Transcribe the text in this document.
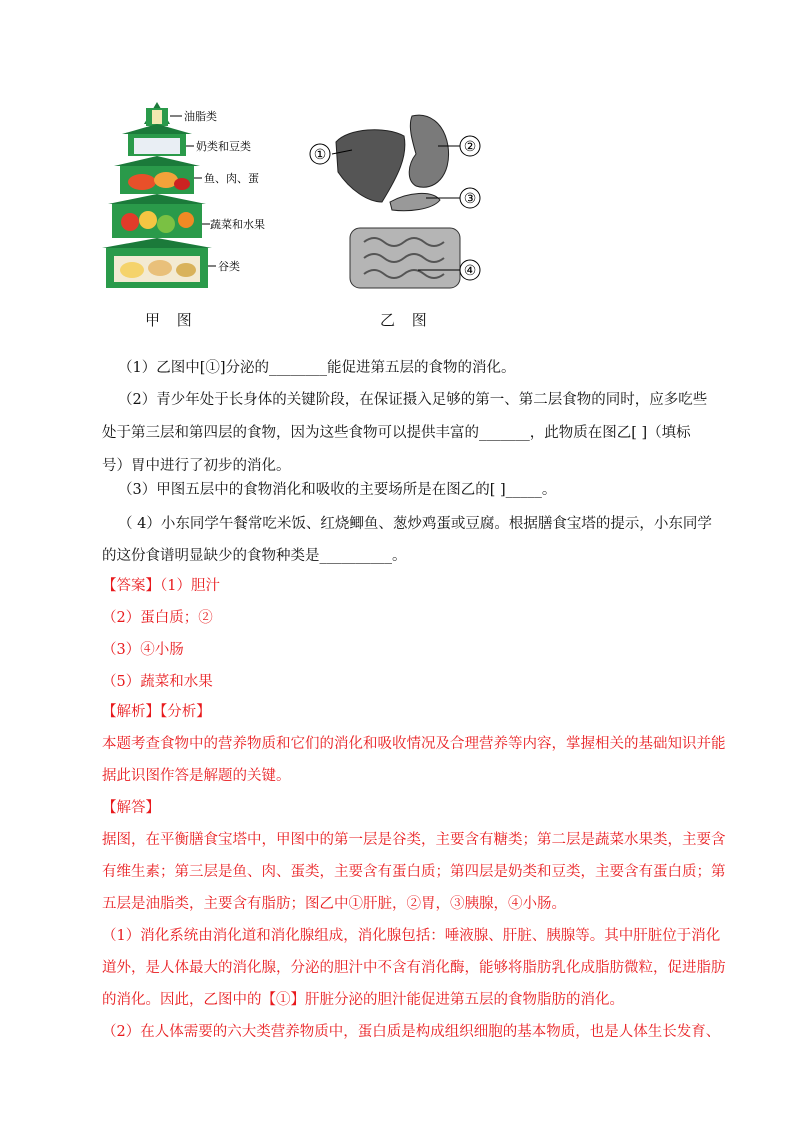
油脂类
奶类和豆类
鱼、肉、蛋
蔬菜和水果
谷类
①	②
③
④
甲 图	乙 图
（1）乙图中[①]分泌的________能促进第五层的食物的消化。
（2）青少年处于长身体的关键阶段，在保证摄入足够的第一、第二层食物的同时，应多吃些
处于第三层和第四层的食物，因为这些食物可以提供丰富的_______，此物质在图乙[ ]（填标
号）胃中进行了初步的消化。
（3）甲图五层中的食物消化和吸收的主要场所是在图乙的[ ]_____。
（ 4）小东同学午餐常吃米饭、红烧鲫鱼、葱炒鸡蛋或豆腐。根据膳食宝塔的提示，小东同学
的这份食谱明显缺少的食物种类是__________。
【答案】（1）胆汁
（2）蛋白质；②
（3）④小肠
（5）蔬菜和水果
【解析】【分析】
本题考查食物中的营养物质和它们的消化和吸收情况及合理营养等内容，掌握相关的基础知识并能
据此识图作答是解题的关键。
【解答】
据图，在平衡膳食宝塔中，甲图中的第一层是谷类，主要含有糖类；第二层是蔬菜水果类，主要含
有维生素；第三层是鱼、肉、蛋类，主要含有蛋白质；第四层是奶类和豆类，主要含有蛋白质；第
五层是油脂类，主要含有脂肪；图乙中①肝脏，②胃，③胰腺，④小肠。
（1）消化系统由消化道和消化腺组成，消化腺包括：唾液腺、肝脏、胰腺等。其中肝脏位于消化
道外，是人体最大的消化腺，分泌的胆汁中不含有消化酶，能够将脂肪乳化成脂肪微粒，促进脂肪
的消化。因此，乙图中的【①】肝脏分泌的胆汁能促进第五层的食物脂肪的消化。
（2）在人体需要的六大类营养物质中，蛋白质是构成组织细胞的基本物质，也是人体生长发育、
